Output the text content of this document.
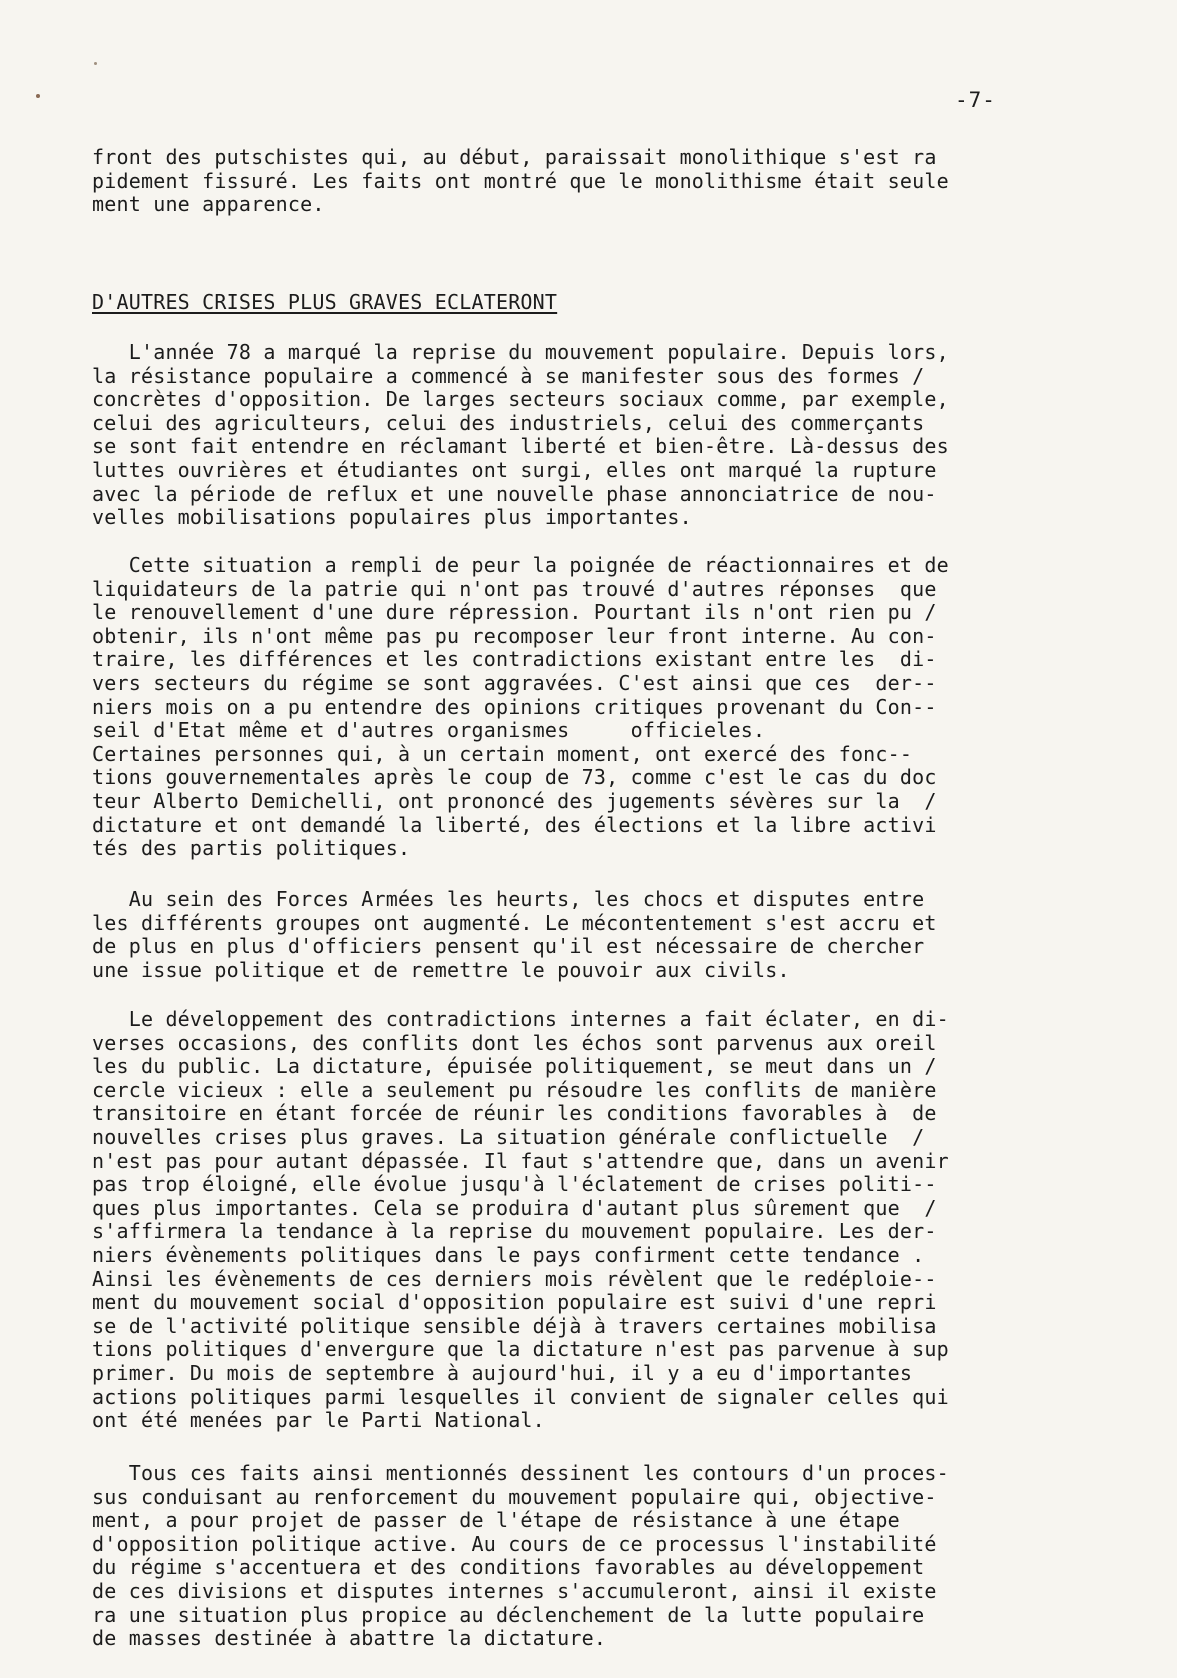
-7-
front des putschistes qui, au début, paraissait monolithique s'est ra
pidement fissuré. Les faits ont montré que le monolithisme était seule
ment une apparence.
D'AUTRES CRISES PLUS GRAVES ECLATERONT
L'année 78 a marqué la reprise du mouvement populaire. Depuis lors,
la résistance populaire a commencé à se manifester sous des formes /
concrètes d'opposition. De larges secteurs sociaux comme, par exemple,
celui des agriculteurs, celui des industriels, celui des commerçants
se sont fait entendre en réclamant liberté et bien-être. Là-dessus des
luttes ouvrières et étudiantes ont surgi, elles ont marqué la rupture
avec la période de reflux et une nouvelle phase annonciatrice de nou-
velles mobilisations populaires plus importantes.
Cette situation a rempli de peur la poignée de réactionnaires et de
liquidateurs de la patrie qui n'ont pas trouvé d'autres réponses  que
le renouvellement d'une dure répression. Pourtant ils n'ont rien pu /
obtenir, ils n'ont même pas pu recomposer leur front interne. Au con-
traire, les différences et les contradictions existant entre les  di-
vers secteurs du régime se sont aggravées. C'est ainsi que ces  der--
niers mois on a pu entendre des opinions critiques provenant du Con--
seil d'Etat même et d'autres organismes     officieles.
Certaines personnes qui, à un certain moment, ont exercé des fonc--
tions gouvernementales après le coup de 73, comme c'est le cas du doc
teur Alberto Demichelli, ont prononcé des jugements sévères sur la  /
dictature et ont demandé la liberté, des élections et la libre activi
tés des partis politiques.
Au sein des Forces Armées les heurts, les chocs et disputes entre
les différents groupes ont augmenté. Le mécontentement s'est accru et
de plus en plus d'officiers pensent qu'il est nécessaire de chercher
une issue politique et de remettre le pouvoir aux civils.
Le développement des contradictions internes a fait éclater, en di-
verses occasions, des conflits dont les échos sont parvenus aux oreil
les du public. La dictature, épuisée politiquement, se meut dans un /
cercle vicieux : elle a seulement pu résoudre les conflits de manière
transitoire en étant forcée de réunir les conditions favorables à  de
nouvelles crises plus graves. La situation générale conflictuelle  /
n'est pas pour autant dépassée. Il faut s'attendre que, dans un avenir
pas trop éloigné, elle évolue jusqu'à l'éclatement de crises politi--
ques plus importantes. Cela se produira d'autant plus sûrement que  /
s'affirmera la tendance à la reprise du mouvement populaire. Les der-
niers évènements politiques dans le pays confirment cette tendance .
Ainsi les évènements de ces derniers mois révèlent que le redéploie--
ment du mouvement social d'opposition populaire est suivi d'une repri
se de l'activité politique sensible déjà à travers certaines mobilisa
tions politiques d'envergure que la dictature n'est pas parvenue à sup
primer. Du mois de septembre à aujourd'hui, il y a eu d'importantes
actions politiques parmi lesquelles il convient de signaler celles qui
ont été menées par le Parti National.
Tous ces faits ainsi mentionnés dessinent les contours d'un proces-
sus conduisant au renforcement du mouvement populaire qui, objective-
ment, a pour projet de passer de l'étape de résistance à une étape
d'opposition politique active. Au cours de ce processus l'instabilité
du régime s'accentuera et des conditions favorables au développement
de ces divisions et disputes internes s'accumuleront, ainsi il existe
ra une situation plus propice au déclenchement de la lutte populaire
de masses destinée à abattre la dictature.
